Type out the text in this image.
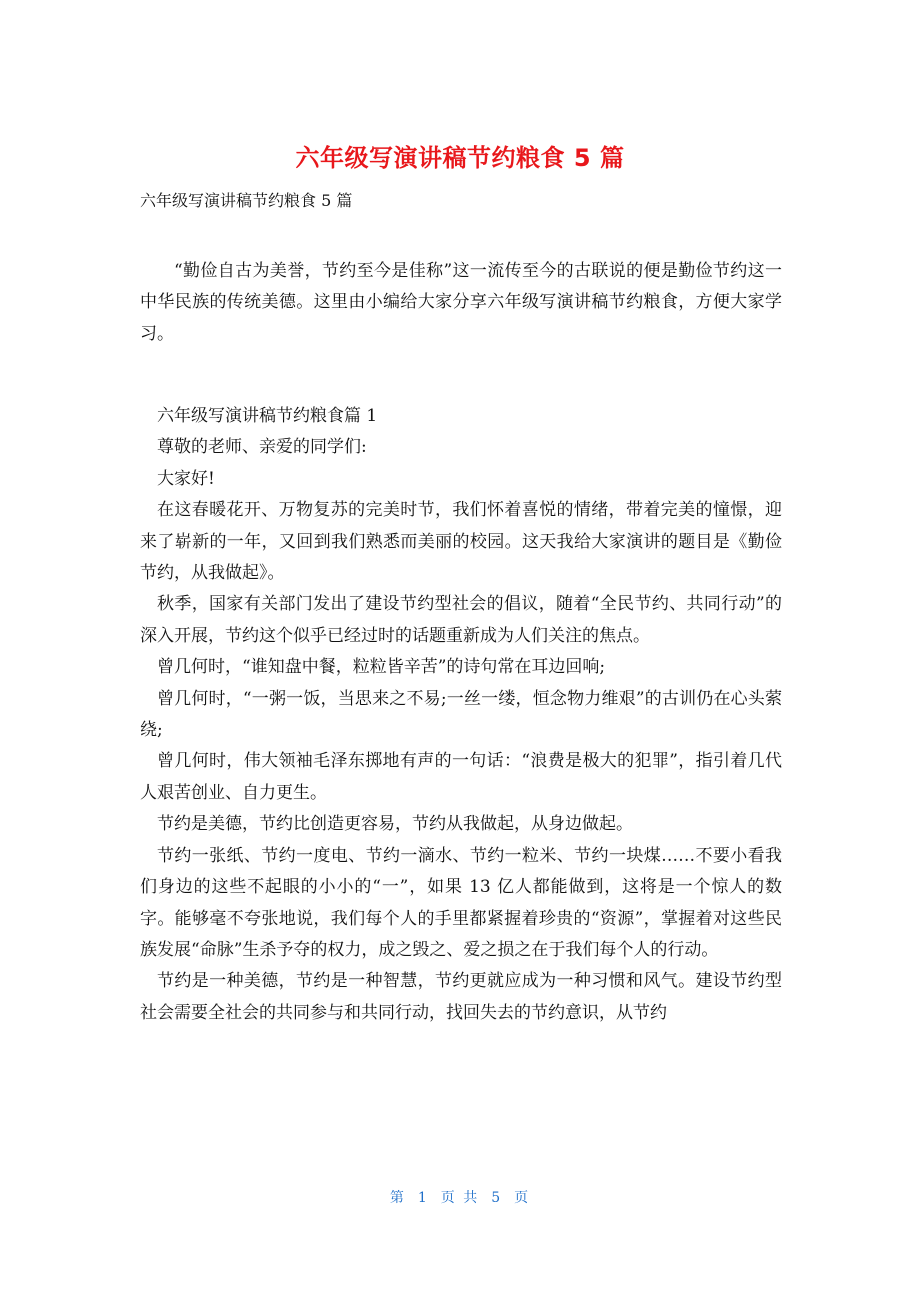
六年级写演讲稿节约粮食 5 篇
六年级写演讲稿节约粮食 5 篇

“勤俭自古为美誉，节约至今是佳称”这一流传至今的古联说的便是勤俭节约这一中华民族的传统美德。这里由小编给大家分享六年级写演讲稿节约粮食，方便大家学习。

六年级写演讲稿节约粮食篇 1

尊敬的老师、亲爱的同学们:

大家好!

在这春暖花开、万物复苏的完美时节，我们怀着喜悦的情绪，带着完美的憧憬，迎来了崭新的一年，又回到我们熟悉而美丽的校园。这天我给大家演讲的题目是《勤俭节约，从我做起》。

秋季，国家有关部门发出了建设节约型社会的倡议，随着“全民节约、共同行动”的深入开展，节约这个似乎已经过时的话题重新成为人们关注的焦点。

曾几何时，“谁知盘中餐，粒粒皆辛苦”的诗句常在耳边回响;

曾几何时，“一粥一饭，当思来之不易;一丝一缕，恒念物力维艰”的古训仍在心头萦绕;

曾几何时，伟大领袖毛泽东掷地有声的一句话：“浪费是极大的犯罪”，指引着几代人艰苦创业、自力更生。

节约是美德，节约比创造更容易，节约从我做起，从身边做起。

节约一张纸、节约一度电、节约一滴水、节约一粒米、节约一块煤……不要小看我们身边的这些不起眼的小小的“一”，如果 13 亿人都能做到，这将是一个惊人的数字。能够毫不夸张地说，我们每个人的手里都紧握着珍贵的“资源”，掌握着对这些民族发展“命脉”生杀予夺的权力，成之毁之、爱之损之在于我们每个人的行动。

节约是一种美德，节约是一种智慧，节约更就应成为一种习惯和风气。建设节约型社会需要全社会的共同参与和共同行动，找回失去的节约意识，从节约

第 1 页 共 5 页
